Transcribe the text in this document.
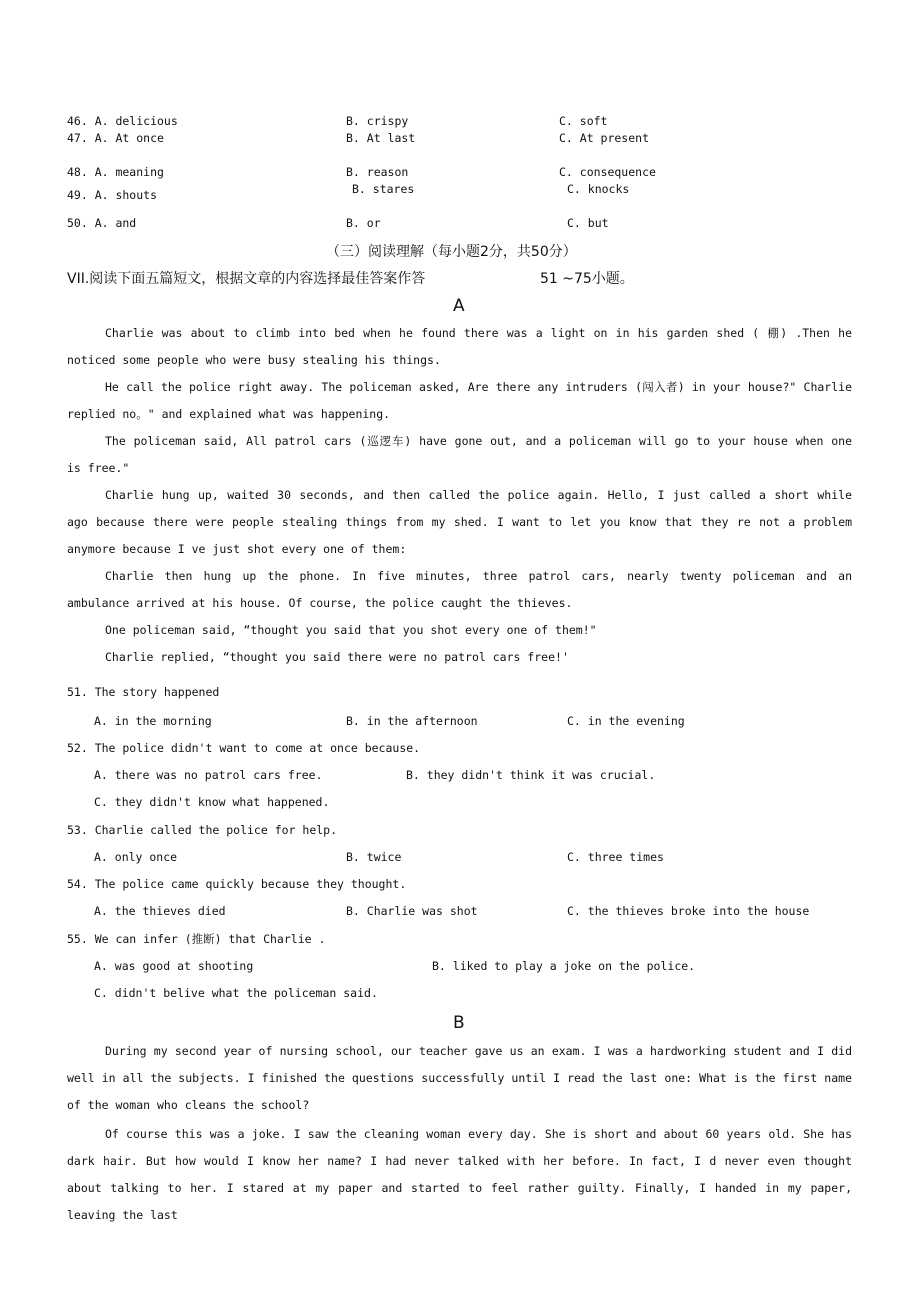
46. A. delicious	B. crispy	C. soft
47. A. At once	B. At last	C. At present
48. A. meaning	B. reason	C. consequence
49. A. shouts	B. stares	C. knocks
50. A. and	B. or	C. but
（三）阅读理解（每小题2分，共50分）
VII.阅读下面五篇短文，根据文章的内容选择最佳答案作答	51 ~75小题。
A
Charlie was about to climb into bed when he found there was a light on in his garden shed ( 棚) .Then he noticed some people who were busy stealing his things.
He call the police right away. The policeman asked, Are there any intruders (闯入者) in your house?" Charlie replied no。" and explained what was happening.
The policeman said, All patrol cars (巡逻车) have gone out, and a policeman will go to your house when one is free."
Charlie hung up, waited 30 seconds, and then called the police again. Hello, I just called a short while ago because there were people stealing things from my shed. I want to let you know that they re not a problem anymore because I ve just shot every one of them:
Charlie then hung up the phone. In five minutes, three patrol cars, nearly twenty policeman and an ambulance arrived at his house. Of course, the police caught the thieves.
One policeman said, “thought you said that you shot every one of them!"
Charlie replied, “thought you said there were no patrol cars free!'
51. The story happened
A. in the morning	B. in the afternoon	C. in the evening
52. The police didn't want to come at once because.
A. there was no patrol cars free.	B. they didn't think it was crucial.
C. they didn't know what happened.
53. Charlie called the police for help.
A. only once	B. twice	C. three times
54. The police came quickly because they thought.
A. the thieves died	B. Charlie was shot	C. the thieves broke into the house
55. We can infer (推断) that Charlie .
A. was good at shooting	B. liked to play a joke on the police.
C. didn't belive what the policeman said.
B
During my second year of nursing school, our teacher gave us an exam. I was a hardworking student and I did well in all the subjects. I finished the questions successfully until I read the last one: What is the first name of the woman who cleans the school?
Of course this was a joke. I saw the cleaning woman every day. She is short and about 60 years old. She has dark hair. But how would I know her name? I had never talked with her before. In fact, I d never even thought about talking to her. I stared at my paper and started to feel rather guilty. Finally, I handed in my paper, leaving the last
